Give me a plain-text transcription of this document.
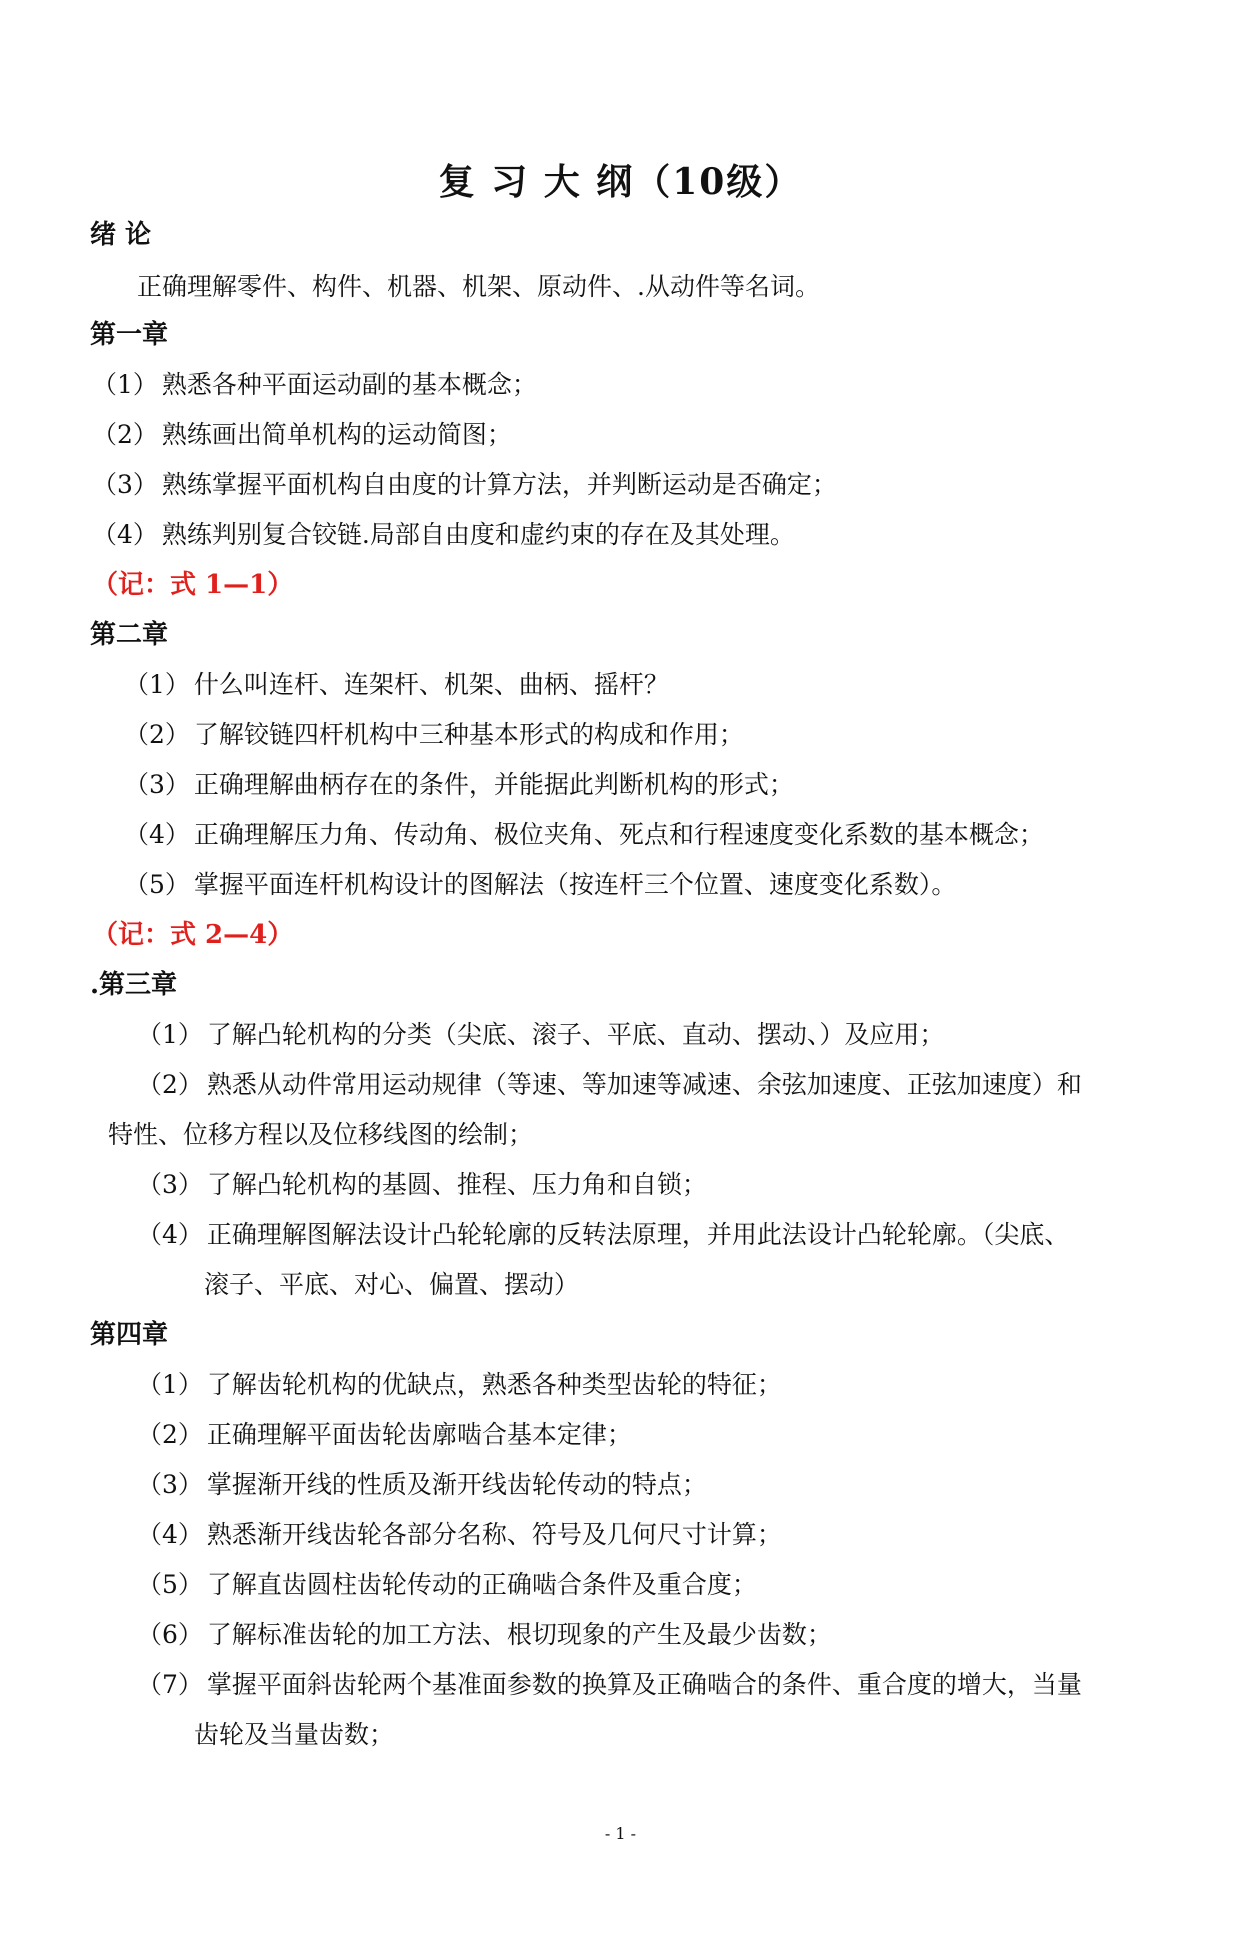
复 习 大 纲（10级）
绪 论
正确理解零件、构件、机器、机架、原动件、.从动件等名词。
第一章
（1） 熟悉各种平面运动副的基本概念；
（2） 熟练画出简单机构的运动简图；
（3） 熟练掌握平面机构自由度的计算方法，并判断运动是否确定；
（4） 熟练判别复合铰链.局部自由度和虚约束的存在及其处理。
（记：式 1—1）
第二章
（1） 什么叫连杆、连架杆、机架、曲柄、摇杆？
（2） 了解铰链四杆机构中三种基本形式的构成和作用；
（3） 正确理解曲柄存在的条件，并能据此判断机构的形式；
（4） 正确理解压力角、传动角、极位夹角、死点和行程速度变化系数的基本概念；
（5） 掌握平面连杆机构设计的图解法（按连杆三个位置、速度变化系数）。
（记：式 2—4）
.第三章
（1） 了解凸轮机构的分类（尖底、滚子、平底、直动、摆动、）及应用；
（2） 熟悉从动件常用运动规律（等速、等加速等减速、余弦加速度、正弦加速度）和
特性、位移方程以及位移线图的绘制；
（3） 了解凸轮机构的基圆、推程、压力角和自锁；
（4） 正确理解图解法设计凸轮轮廓的反转法原理，并用此法设计凸轮轮廓。（尖底、
滚子、平底、对心、偏置、摆动）
第四章
（1） 了解齿轮机构的优缺点，熟悉各种类型齿轮的特征；
（2） 正确理解平面齿轮齿廓啮合基本定律；
（3） 掌握渐开线的性质及渐开线齿轮传动的特点；
（4） 熟悉渐开线齿轮各部分名称、符号及几何尺寸计算；
（5） 了解直齿圆柱齿轮传动的正确啮合条件及重合度；
（6） 了解标准齿轮的加工方法、根切现象的产生及最少齿数；
（7） 掌握平面斜齿轮两个基准面参数的换算及正确啮合的条件、重合度的增大，当量
齿轮及当量齿数；
- 1 -
